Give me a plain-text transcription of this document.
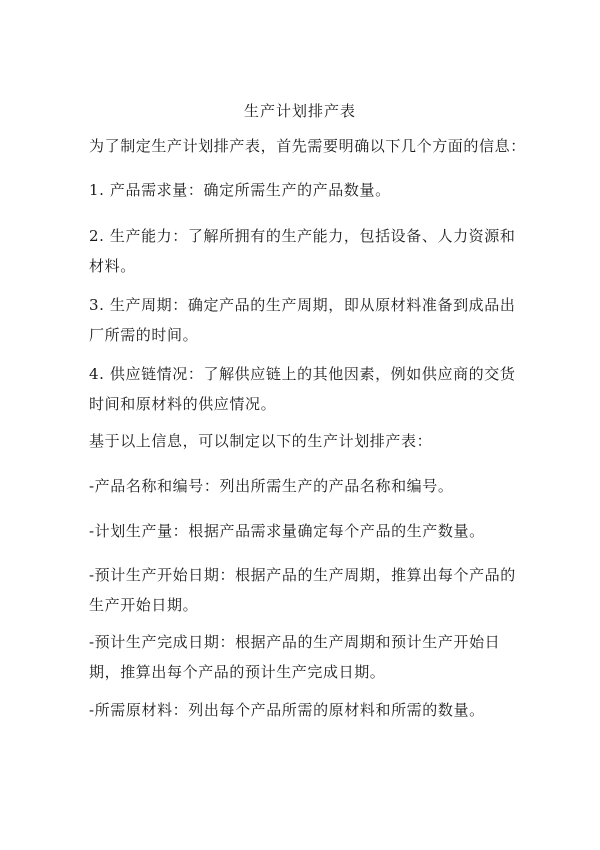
生产计划排产表

为了制定生产计划排产表，首先需要明确以下几个方面的信息：

1. 产品需求量：确定所需生产的产品数量。

2. 生产能力：了解所拥有的生产能力，包括设备、人力资源和材料。

3. 生产周期：确定产品的生产周期，即从原材料准备到成品出厂所需的时间。

4. 供应链情况：了解供应链上的其他因素，例如供应商的交货时间和原材料的供应情况。

基于以上信息，可以制定以下的生产计划排产表：

-产品名称和编号：列出所需生产的产品名称和编号。

-计划生产量：根据产品需求量确定每个产品的生产数量。

-预计生产开始日期：根据产品的生产周期，推算出每个产品的生产开始日期。

-预计生产完成日期：根据产品的生产周期和预计生产开始日期，推算出每个产品的预计生产完成日期。

-所需原材料：列出每个产品所需的原材料和所需的数量。
